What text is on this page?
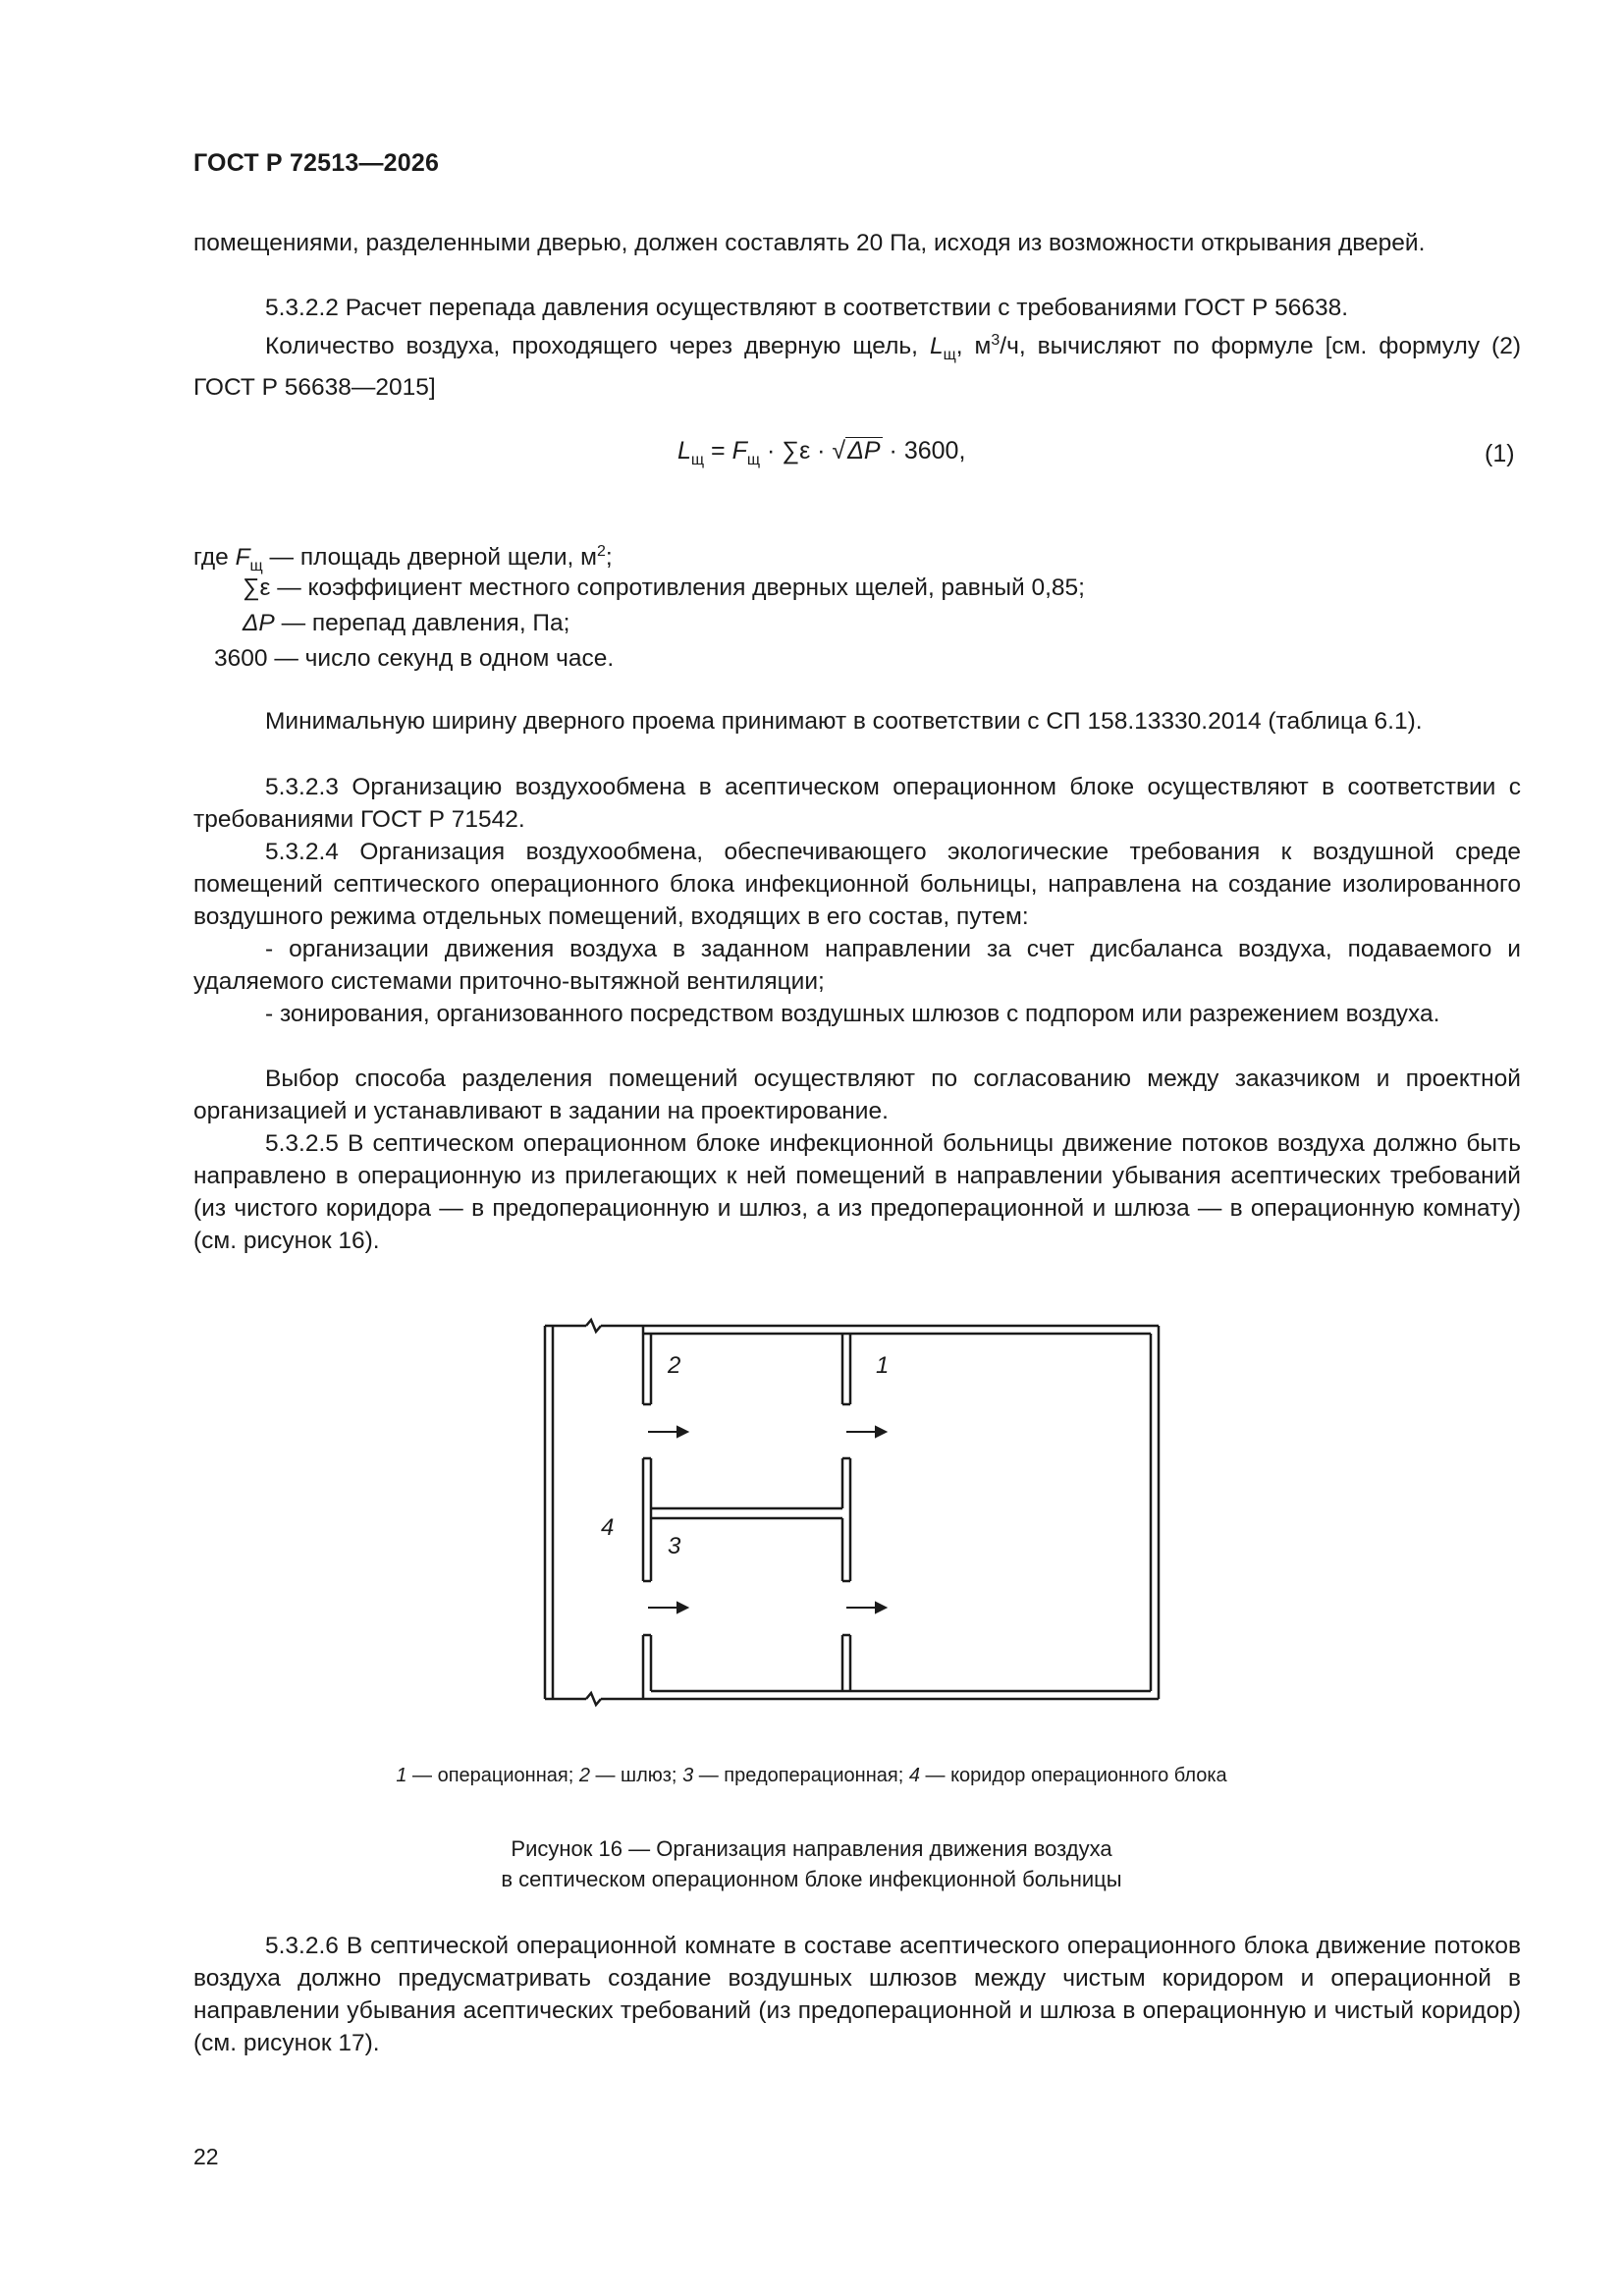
ГОСТ Р 72513—2026
помещениями, разделенными дверью, должен составлять 20 Па, исходя из возможности открывания дверей.
5.3.2.2 Расчет перепада давления осуществляют в соответствии с требованиями ГОСТ Р 56638.
Количество воздуха, проходящего через дверную щель, $L_щ$, $м^3/ч$, вычисляют по формуле [см. формулу (2) ГОСТ Р 56638—2015]
$L_щ = F_щ \cdot \sum\varepsilon \cdot √\Delta P \cdot 3600$,	(1)
где $F_щ$ — площадь дверной щели, $м^2$;
∑ε — коэффициент местного сопротивления дверных щелей, равный 0,85;
ΔP — перепад давления, Па;
3600 — число секунд в одном часе.
Минимальную ширину дверного проема принимают в соответствии с СП 158.13330.2014 (таблица 6.1).
5.3.2.3 Организацию воздухообмена в асептическом операционном блоке осуществляют в соответствии с требованиями ГОСТ Р 71542.
5.3.2.4 Организация воздухообмена, обеспечивающего экологические требования к воздушной среде помещений септического операционного блока инфекционной больницы, направлена на создание изолированного воздушного режима отдельных помещений, входящих в его состав, путем:
- организации движения воздуха в заданном направлении за счет дисбаланса воздуха, подаваемого и удаляемого системами приточно-вытяжной вентиляции;
- зонирования, организованного посредством воздушных шлюзов с подпором или разрежением воздуха.
Выбор способа разделения помещений осуществляют по согласованию между заказчиком и проектной организацией и устанавливают в задании на проектирование.
5.3.2.5 В септическом операционном блоке инфекционной больницы движение потоков воздуха должно быть направлено в операционную из прилегающих к ней помещений в направлении убывания асептических требований (из чистого коридора — в предоперационную и шлюз, а из предоперационной и шлюза — в операционную комнату) (см. рисунок 16).
2	1
3
4
1 — операционная; 2 — шлюз; 3 — предоперационная; 4 — коридор операционного блока
Рисунок 16 — Организация направления движения воздуха
в септическом операционном блоке инфекционной больницы
5.3.2.6 В септической операционной комнате в составе асептического операционного блока движение потоков воздуха должно предусматривать создание воздушных шлюзов между чистым коридором и операционной в направлении убывания асептических требований (из предоперационной и шлюза в операционную и чистый коридор) (см. рисунок 17).
22
